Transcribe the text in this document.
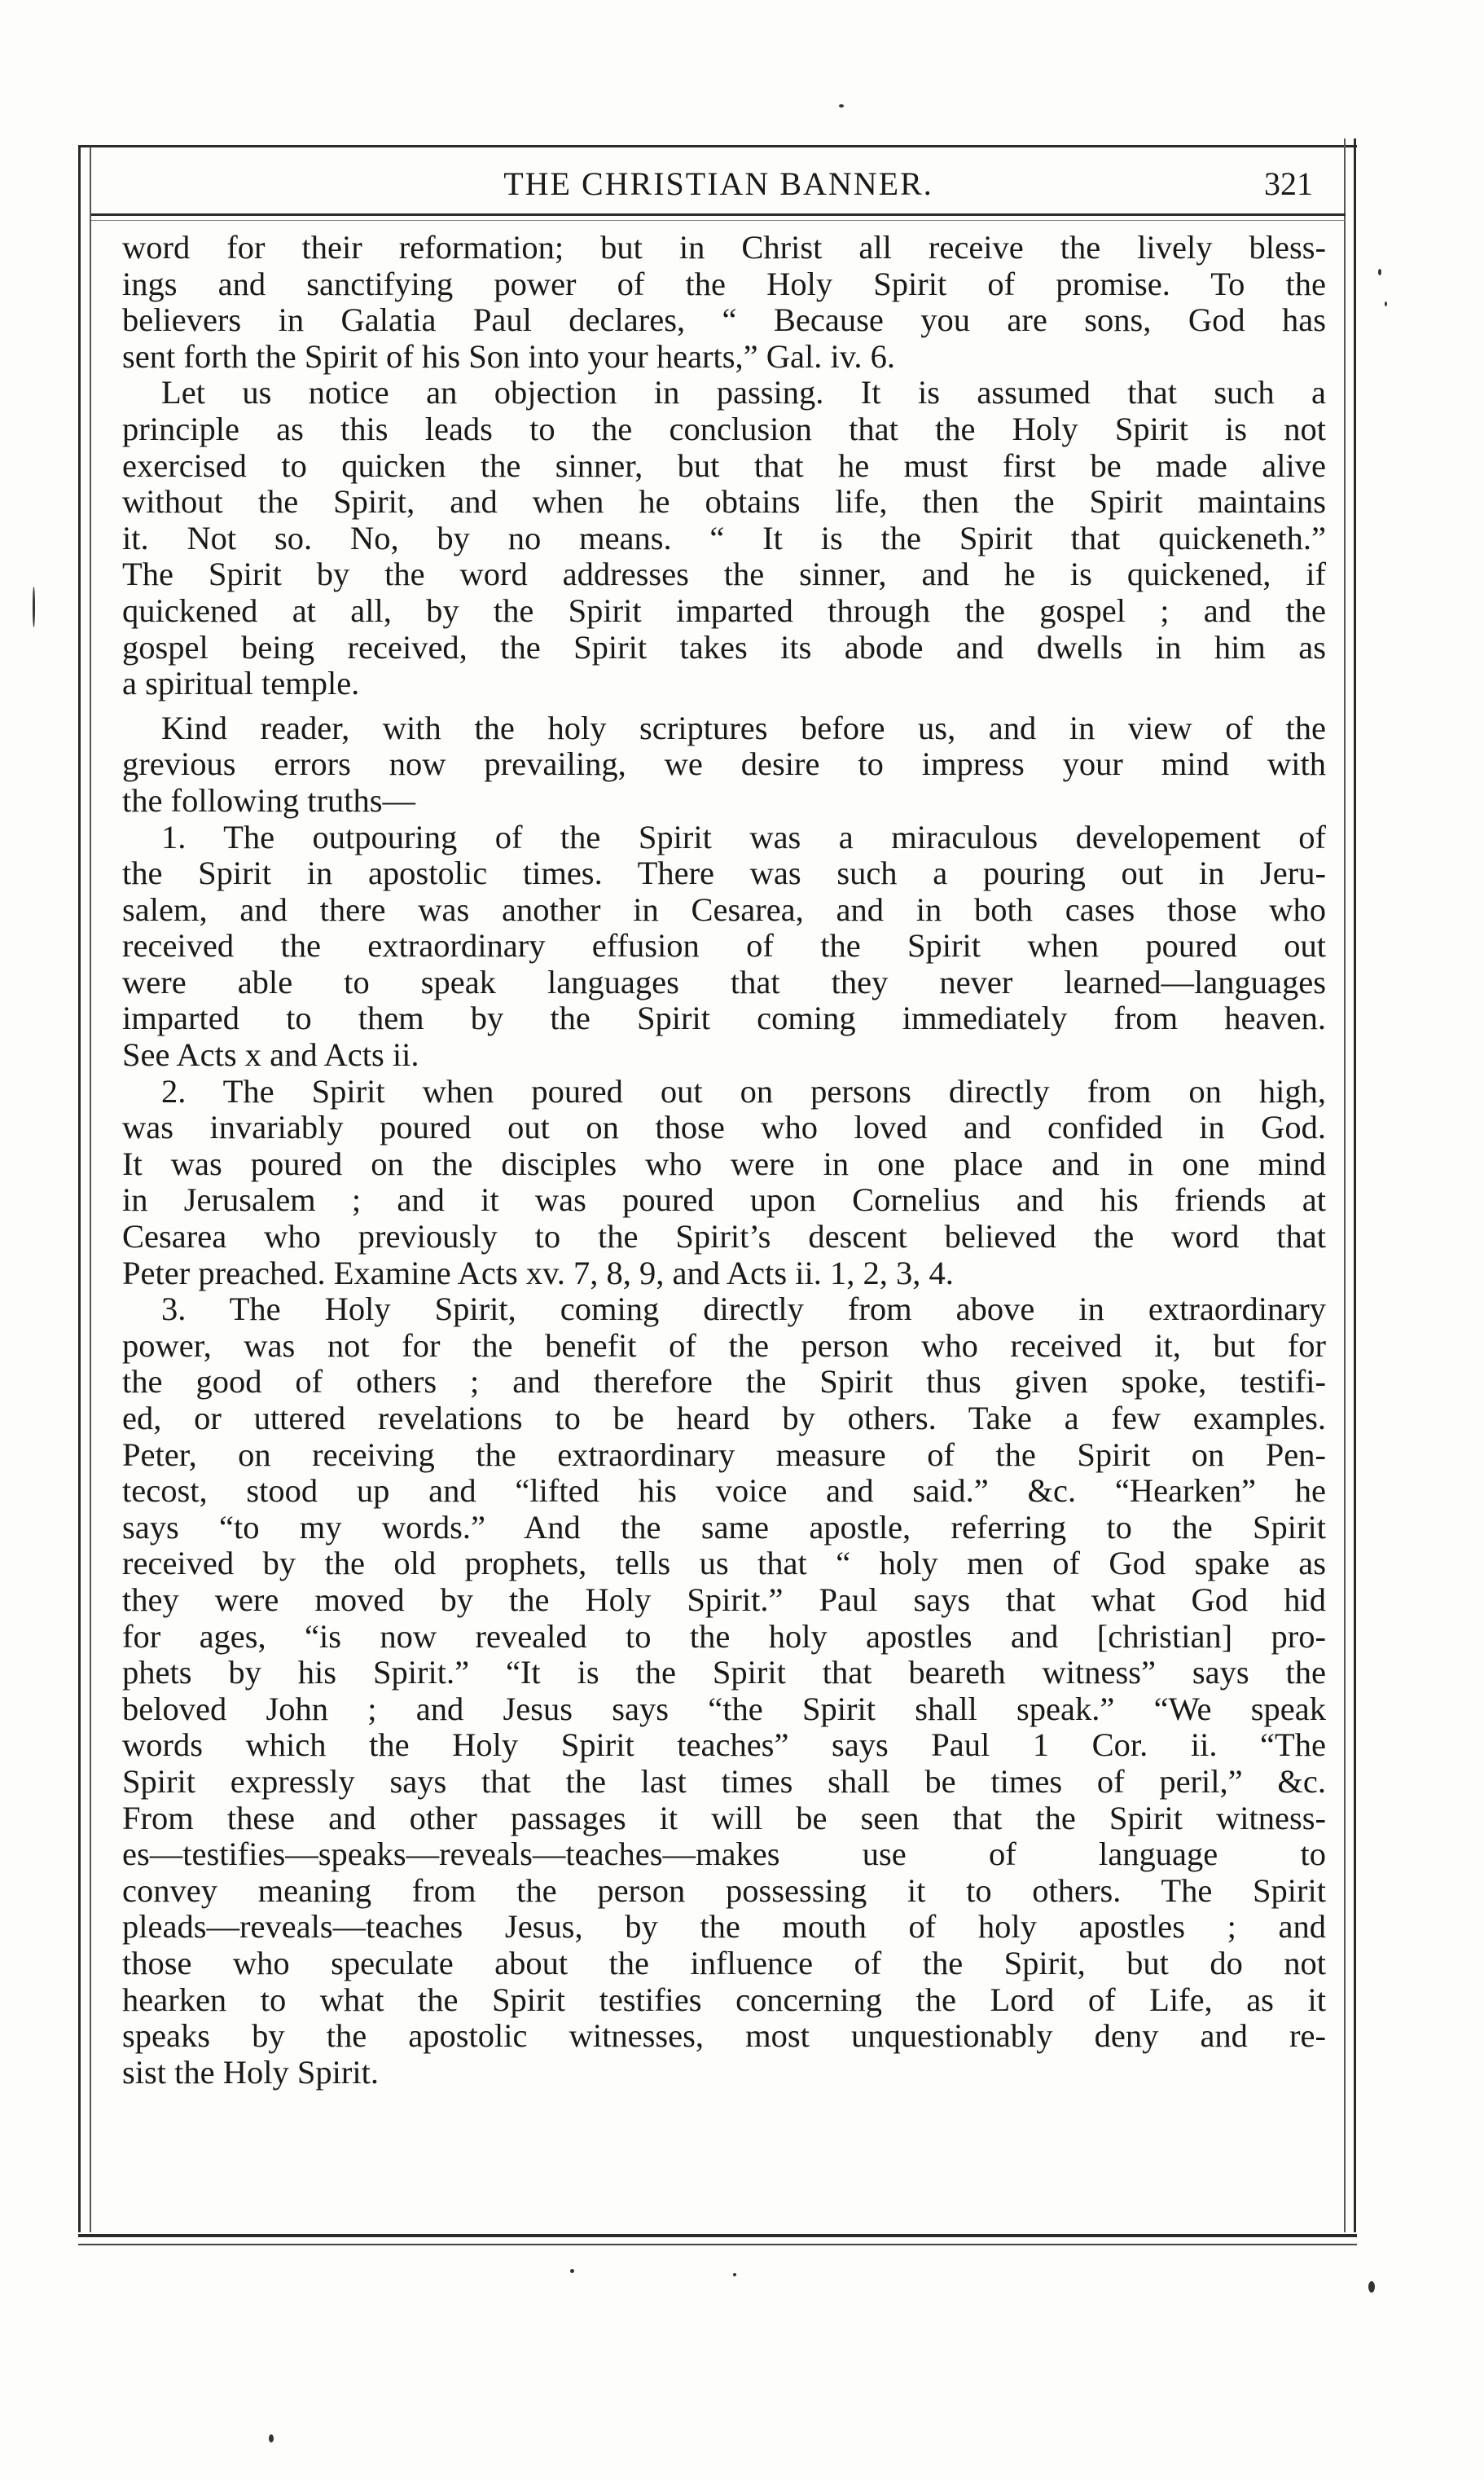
THE CHRISTIAN BANNER.	321
word for their reformation; but in Christ all receive the lively bless-
ings and sanctifying power of the Holy Spirit of promise. To the
believers in Galatia Paul declares, “ Because you are sons, God has
sent forth the Spirit of his Son into your hearts,” Gal. iv. 6.
Let us notice an objection in passing. It is assumed that such a
principle as this leads to the conclusion that the Holy Spirit is not
exercised to quicken the sinner, but that he must first be made alive
without the Spirit, and when he obtains life, then the Spirit maintains
it. Not so. No, by no means. “ It is the Spirit that quickeneth.”
The Spirit by the word addresses the sinner, and he is quickened, if
quickened at all, by the Spirit imparted through the gospel ; and the
gospel being received, the Spirit takes its abode and dwells in him as
a spiritual temple.
Kind reader, with the holy scriptures before us, and in view of the
grevious errors now prevailing, we desire to impress your mind with
the following truths—
1. The outpouring of the Spirit was a miraculous developement of
the Spirit in apostolic times. There was such a pouring out in Jeru-
salem, and there was another in Cesarea, and in both cases those who
received the extraordinary effusion of the Spirit when poured out
were able to speak languages that they never learned—languages
imparted to them by the Spirit coming immediately from heaven.
See Acts x and Acts ii.
2. The Spirit when poured out on persons directly from on high,
was invariably poured out on those who loved and confided in God.
It was poured on the disciples who were in one place and in one mind
in Jerusalem ; and it was poured upon Cornelius and his friends at
Cesarea who previously to the Spirit’s descent believed the word that
Peter preached. Examine Acts xv. 7, 8, 9, and Acts ii. 1, 2, 3, 4.
3. The Holy Spirit, coming directly from above in extraordinary
power, was not for the benefit of the person who received it, but for
the good of others ; and therefore the Spirit thus given spoke, testifi-
ed, or uttered revelations to be heard by others. Take a few examples.
Peter, on receiving the extraordinary measure of the Spirit on Pen-
tecost, stood up and “lifted his voice and said.” &c. “Hearken” he
says “to my words.” And the same apostle, referring to the Spirit
received by the old prophets, tells us that “ holy men of God spake as
they were moved by the Holy Spirit.” Paul says that what God hid
for ages, “is now revealed to the holy apostles and [christian] pro-
phets by his Spirit.” “It is the Spirit that beareth witness” says the
beloved John ; and Jesus says “the Spirit shall speak.” “We speak
words which the Holy Spirit teaches” says Paul 1 Cor. ii. “The
Spirit expressly says that the last times shall be times of peril,” &c.
From these and other passages it will be seen that the Spirit witness-
es—testifies—speaks—reveals—teaches—makes use of language to
convey meaning from the person possessing it to others. The Spirit
pleads—reveals—teaches Jesus, by the mouth of holy apostles ; and
those who speculate about the influence of the Spirit, but do not
hearken to what the Spirit testifies concerning the Lord of Life, as it
speaks by the apostolic witnesses, most unquestionably deny and re-
sist the Holy Spirit.
